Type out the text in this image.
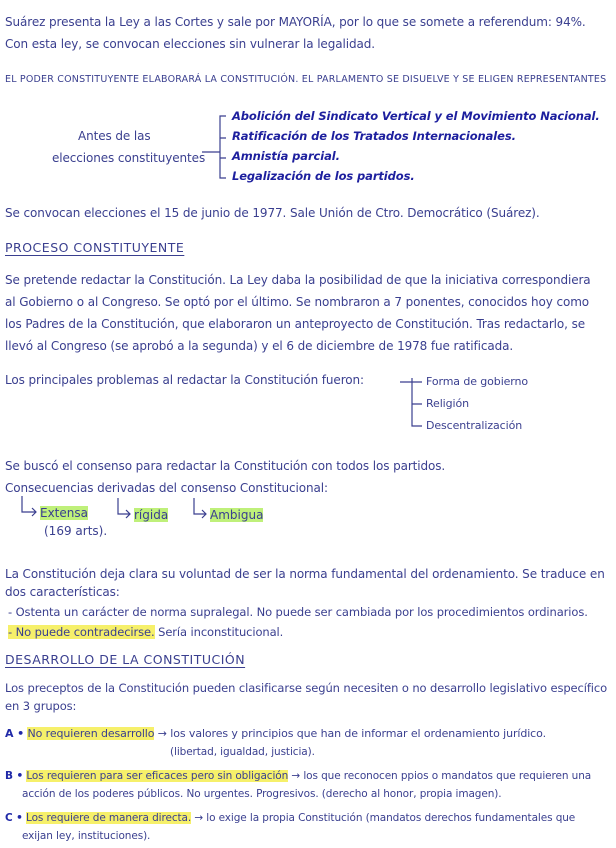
Suárez presenta la Ley a las Cortes y sale por MAYORÍA, por lo que se somete a referendum: 94%.
Con esta ley, se convocan elecciones sin vulnerar la legalidad.
EL PODER CONSTITUYENTE ELABORARÁ LA CONSTITUCIÓN. EL PARLAMENTO SE DISUELVE Y SE ELIGEN REPRESENTANTES
Antes de las
elecciones constituyentes
Abolición del Sindicato Vertical y el Movimiento Nacional.
Ratificación de los Tratados Internacionales.
Amnistía parcial.
Legalización de los partidos.
Se convocan elecciones el 15 de junio de 1977. Sale Unión de Ctro. Democrático (Suárez).
PROCESO CONSTITUYENTE
Se pretende redactar la Constitución. La Ley daba la posibilidad de que la iniciativa correspondiera
al Gobierno o al Congreso. Se optó por el último. Se nombraron a 7 ponentes, conocidos hoy como
los Padres de la Constitución, que elaboraron un anteproyecto de Constitución. Tras redactarlo, se
llevó al Congreso (se aprobó a la segunda) y el 6 de diciembre de 1978 fue ratificada.
Los principales problemas al redactar la Constitución fueron:	Forma de gobierno
Religión
Descentralización
Se buscó el consenso para redactar la Constitución con todos los partidos.
Consecuencias derivadas del consenso Constitucional:
Extensa
(169 arts).
rígida	Ambigua
La Constitución deja clara su voluntad de ser la norma fundamental del ordenamiento. Se traduce en
dos características:
- Ostenta un carácter de norma supralegal. No puede ser cambiada por los procedimientos ordinarios.
- No puede contradecirse. Sería inconstitucional.
DESARROLLO DE LA CONSTITUCIÓN
Los preceptos de la Constitución pueden clasificarse según necesiten o no desarrollo legislativo específico
en 3 grupos:
A • No requieren desarrollo → los valores y principios que han de informar el ordenamiento jurídico.
(libertad, igualdad, justicia).
B • Los requieren para ser eficaces pero sin obligación → los que reconocen ppios o mandatos que requieren una
acción de los poderes públicos. No urgentes. Progresivos. (derecho al honor, propia imagen).
C • Los requiere de manera directa. → lo exige la propia Constitución (mandatos derechos fundamentales que
exijan ley, instituciones).
